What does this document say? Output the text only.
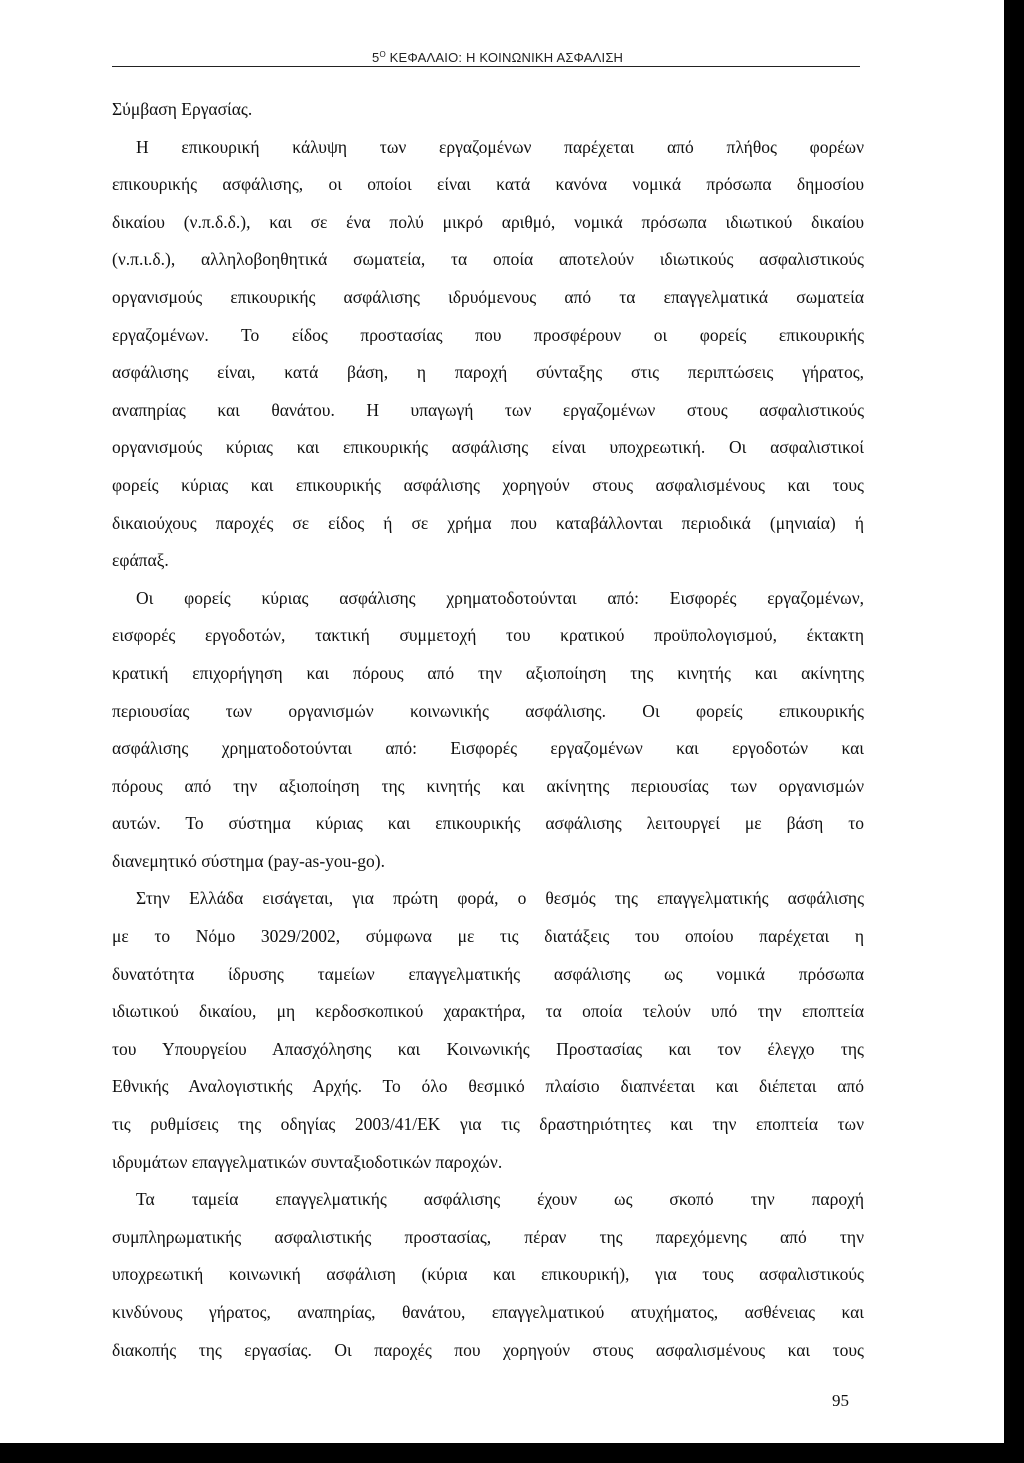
$5^O$ ΚΕΦΑΛΑΙΟ: Η ΚΟΙΝΩΝΙΚΗ ΑΣΦΑΛΙΣΗ
Σύμβαση Εργασίας.
Η επικουρική κάλυψη των εργαζομένων παρέχεται από πλήθος φορέων
επικουρικής ασφάλισης, οι οποίοι είναι κατά κανόνα νομικά πρόσωπα δημοσίου
δικαίου (ν.π.δ.δ.), και σε ένα πολύ μικρό αριθμό, νομικά πρόσωπα ιδιωτικού δικαίου
(ν.π.ι.δ.), αλληλοβοηθητικά σωματεία, τα οποία αποτελούν ιδιωτικούς ασφαλιστικούς
οργανισμούς επικουρικής ασφάλισης ιδρυόμενους από τα επαγγελματικά σωματεία
εργαζομένων. Το είδος προστασίας που προσφέρουν οι φορείς επικουρικής
ασφάλισης είναι, κατά βάση, η παροχή σύνταξης στις περιπτώσεις γήρατος,
αναπηρίας και θανάτου. Η υπαγωγή των εργαζομένων στους ασφαλιστικούς
οργανισμούς κύριας και επικουρικής ασφάλισης είναι υποχρεωτική. Οι ασφαλιστικοί
φορείς κύριας και επικουρικής ασφάλισης χορηγούν στους ασφαλισμένους και τους
δικαιούχους παροχές σε είδος ή σε χρήμα που καταβάλλονται περιοδικά (μηνιαία) ή
εφάπαξ.
Οι φορείς κύριας ασφάλισης χρηματοδοτούνται από: Εισφορές εργαζομένων,
εισφορές εργοδοτών, τακτική συμμετοχή του κρατικού προϋπολογισμού, έκτακτη
κρατική επιχορήγηση και πόρους από την αξιοποίηση της κινητής και ακίνητης
περιουσίας των οργανισμών κοινωνικής ασφάλισης. Οι φορείς επικουρικής
ασφάλισης χρηματοδοτούνται από: Εισφορές εργαζομένων και εργοδοτών και
πόρους από την αξιοποίηση της κινητής και ακίνητης περιουσίας των οργανισμών
αυτών. Το σύστημα κύριας και επικουρικής ασφάλισης λειτουργεί με βάση το
διανεμητικό σύστημα (pay-as-you-go).
Στην Ελλάδα εισάγεται, για πρώτη φορά, ο θεσμός της επαγγελματικής ασφάλισης
με το Νόμο 3029/2002, σύμφωνα με τις διατάξεις του οποίου παρέχεται η
δυνατότητα ίδρυσης ταμείων επαγγελματικής ασφάλισης ως νομικά πρόσωπα
ιδιωτικού δικαίου, μη κερδοσκοπικού χαρακτήρα, τα οποία τελούν υπό την εποπτεία
του Υπουργείου Απασχόλησης και Κοινωνικής Προστασίας και τον έλεγχο της
Εθνικής Αναλογιστικής Αρχής. Το όλο θεσμικό πλαίσιο διαπνέεται και διέπεται από
τις ρυθμίσεις της οδηγίας 2003/41/ΕΚ για τις δραστηριότητες και την εποπτεία των
ιδρυμάτων επαγγελματικών συνταξιοδοτικών παροχών.
Τα ταμεία επαγγελματικής ασφάλισης έχουν ως σκοπό την παροχή
συμπληρωματικής ασφαλιστικής προστασίας, πέραν της παρεχόμενης από την
υποχρεωτική κοινωνική ασφάλιση (κύρια και επικουρική), για τους ασφαλιστικούς
κινδύνους γήρατος, αναπηρίας, θανάτου, επαγγελματικού ατυχήματος, ασθένειας και
διακοπής της εργασίας. Οι παροχές που χορηγούν στους ασφαλισμένους και τους
95
